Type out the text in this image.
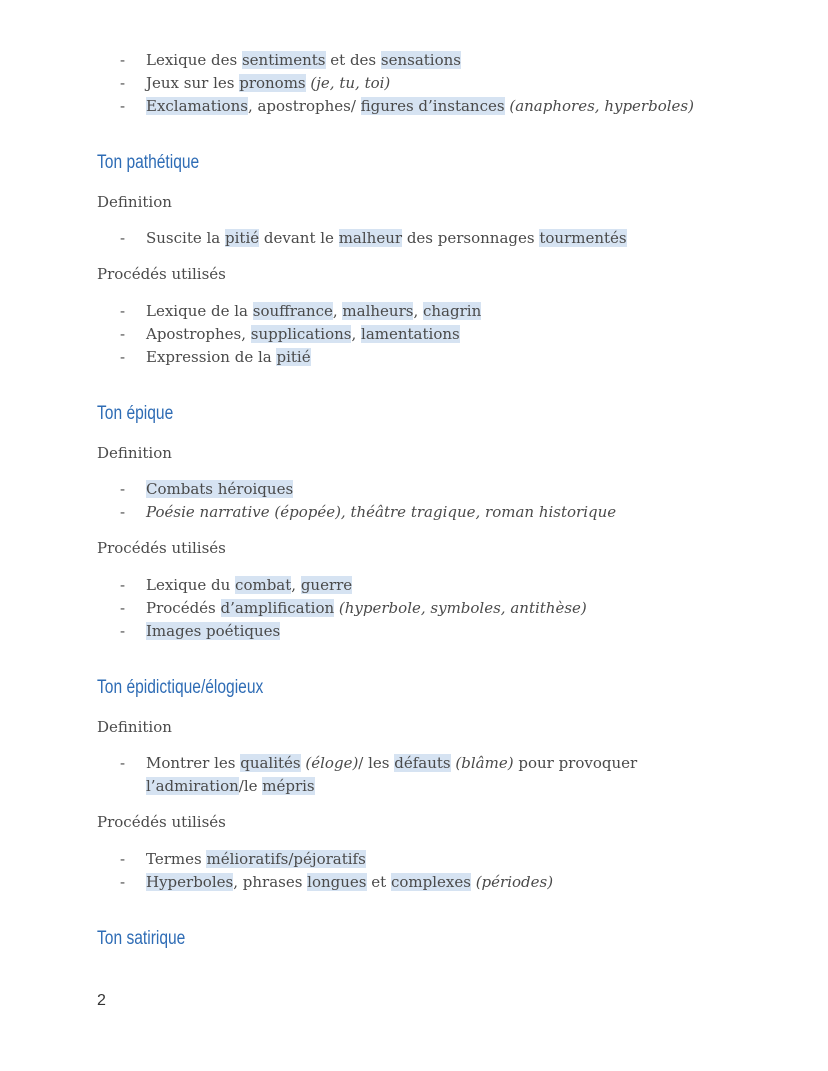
- Lexique des sentiments et des sensations
- Jeux sur les pronoms (je, tu, toi)
- Exclamations, apostrophes/ figures d’instances (anaphores, hyperboles)
Ton pathétique

Definition

- Suscite la pitié devant le malheur des personnages tourmentés

Procédés utilisés

- Lexique de la souffrance, malheurs, chagrin
- Apostrophes, supplications, lamentations
- Expression de la pitié
Ton épique

Definition

- Combats héroiques
- Poésie narrative (épopée), théâtre tragique, roman historique

Procédés utilisés

- Lexique du combat, guerre
- Procédés d’amplification (hyperbole, symboles, antithèse)
- Images poétiques
Ton épidictique/élogieux

Definition

- Montrer les qualités (éloge)/ les défauts (blâme) pour provoquer l’admiration/le mépris

Procédés utilisés

- Termes mélioratifs/péjoratifs
- Hyperboles, phrases longues et complexes (périodes)
Ton satirique
2
